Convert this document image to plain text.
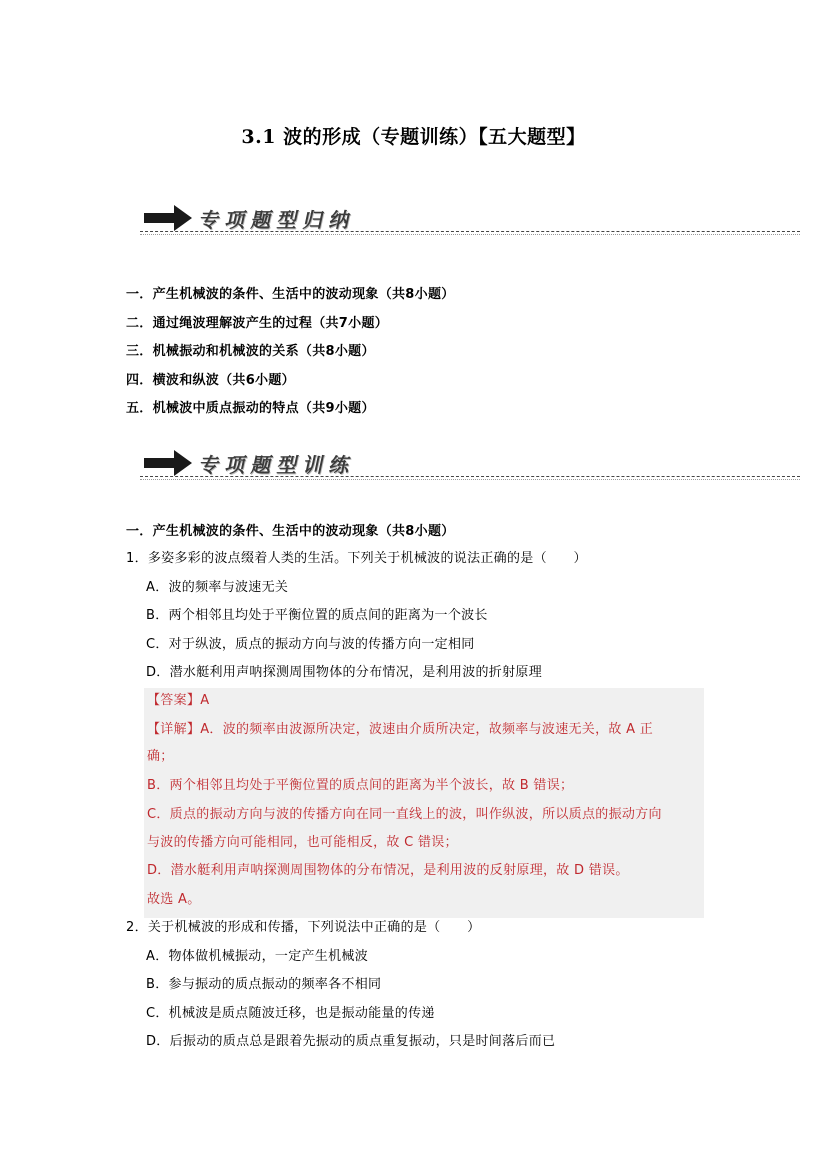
3.1 波的形成（专题训练）【五大题型】
专项题型归纳
一．产生机械波的条件、生活中的波动现象（共8小题）
二．通过绳波理解波产生的过程（共7小题）
三．机械振动和机械波的关系（共8小题）
四．横波和纵波（共6小题）
五．机械波中质点振动的特点（共9小题）
专项题型训练
一．产生机械波的条件、生活中的波动现象（共8小题）
1．多姿多彩的波点缀着人类的生活。下列关于机械波的说法正确的是（　　）
A．波的频率与波速无关
B．两个相邻且均处于平衡位置的质点间的距离为一个波长
C．对于纵波，质点的振动方向与波的传播方向一定相同
D．潜水艇利用声呐探测周围物体的分布情况，是利用波的折射原理
【答案】A
【详解】A．波的频率由波源所决定，波速由介质所决定，故频率与波速无关，故 A 正
确；
B．两个相邻且均处于平衡位置的质点间的距离为半个波长，故 B 错误；
C．质点的振动方向与波的传播方向在同一直线上的波，叫作纵波，所以质点的振动方向
与波的传播方向可能相同，也可能相反，故 C 错误；
D．潜水艇利用声呐探测周围物体的分布情况，是利用波的反射原理，故 D 错误。
故选 A。
2．关于机械波的形成和传播，下列说法中正确的是（　　）
A．物体做机械振动，一定产生机械波
B．参与振动的质点振动的频率各不相同
C．机械波是质点随波迁移，也是振动能量的传递
D．后振动的质点总是跟着先振动的质点重复振动，只是时间落后而已
